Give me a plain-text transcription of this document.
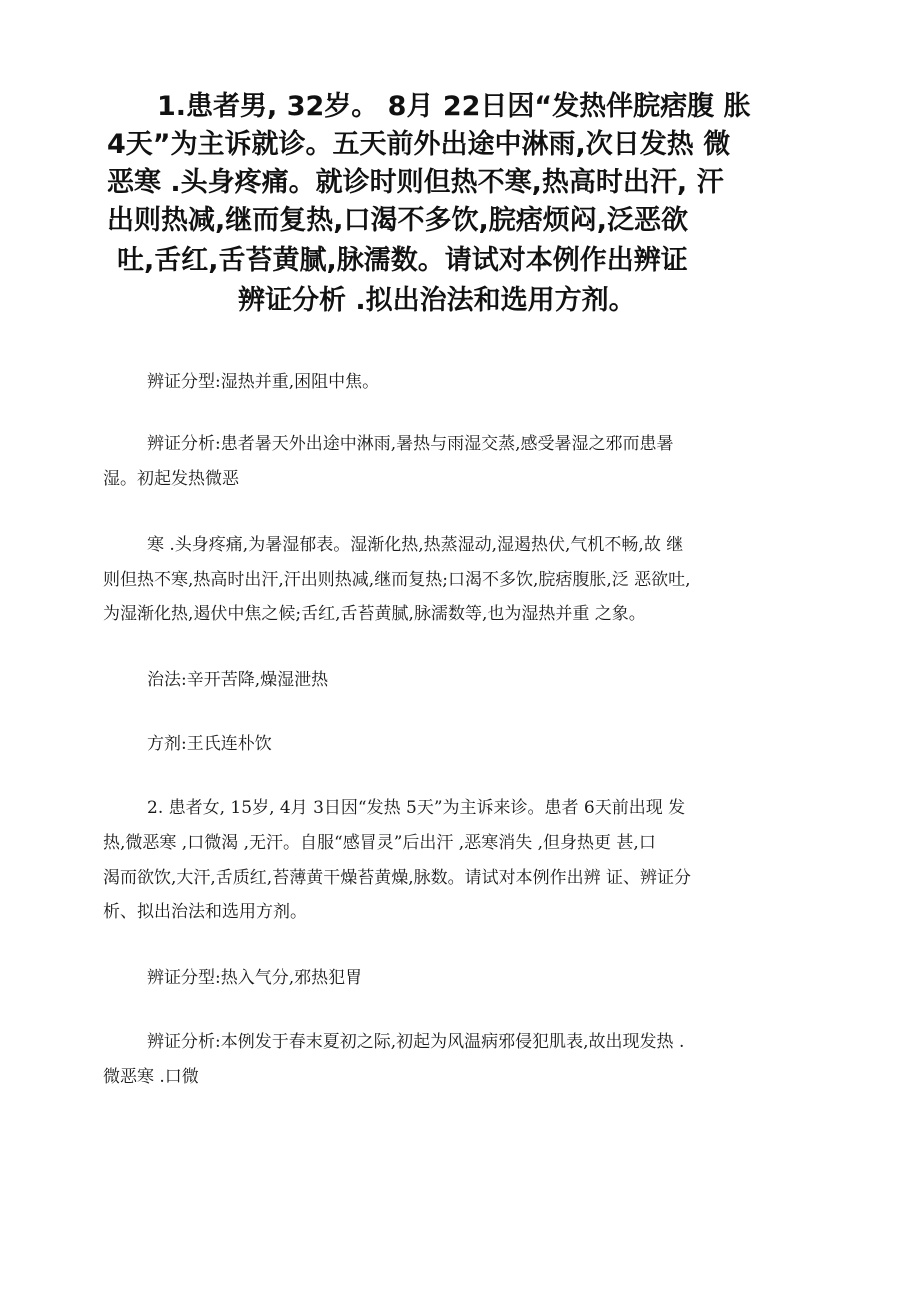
1.患者男, 32岁。 8月 22日因“发热伴脘痞腹 胀
4天”为主诉就诊。五天前外出途中淋雨,次日发热 微
恶寒 .头身疼痛。就诊时则但热不寒,热高时出汗, 汗
出则热减,继而复热,口渴不多饮,脘痞烦闷,泛恶欲
吐,舌红,舌苔黄腻,脉濡数。请试对本例作出辨证
辨证分析 .拟出治法和选用方剂。
辨证分型:湿热并重,困阻中焦。
辨证分析:患者暑天外出途中淋雨,暑热与雨湿交蒸,感受暑湿之邪而患暑
湿。初起发热微恶
寒 .头身疼痛,为暑湿郁表。湿渐化热,热蒸湿动,湿遏热伏,气机不畅,故 继
则但热不寒,热高时出汗,汗出则热减,继而复热;口渴不多饮,脘痞腹胀,泛 恶欲吐,
为湿渐化热,遏伏中焦之候;舌红,舌苔黄腻,脉濡数等,也为湿热并重 之象。
治法:辛开苦降,燥湿泄热
方剂:王氏连朴饮
2. 患者女, 15岁, 4月 3日因“发热 5天”为主诉来诊。患者 6天前出现 发
热,微恶寒 ,口微渴 ,无汗。自服“感冒灵”后出汗 ,恶寒消失 ,但身热更 甚,口
渴而欲饮,大汗,舌质红,苔薄黄干燥苔黄燥,脉数。请试对本例作出辨 证、辨证分
析、拟出治法和选用方剂。
辨证分型:热入气分,邪热犯胃
辨证分析:本例发于春末夏初之际,初起为风温病邪侵犯肌表,故出现发热 .
微恶寒 .口微
